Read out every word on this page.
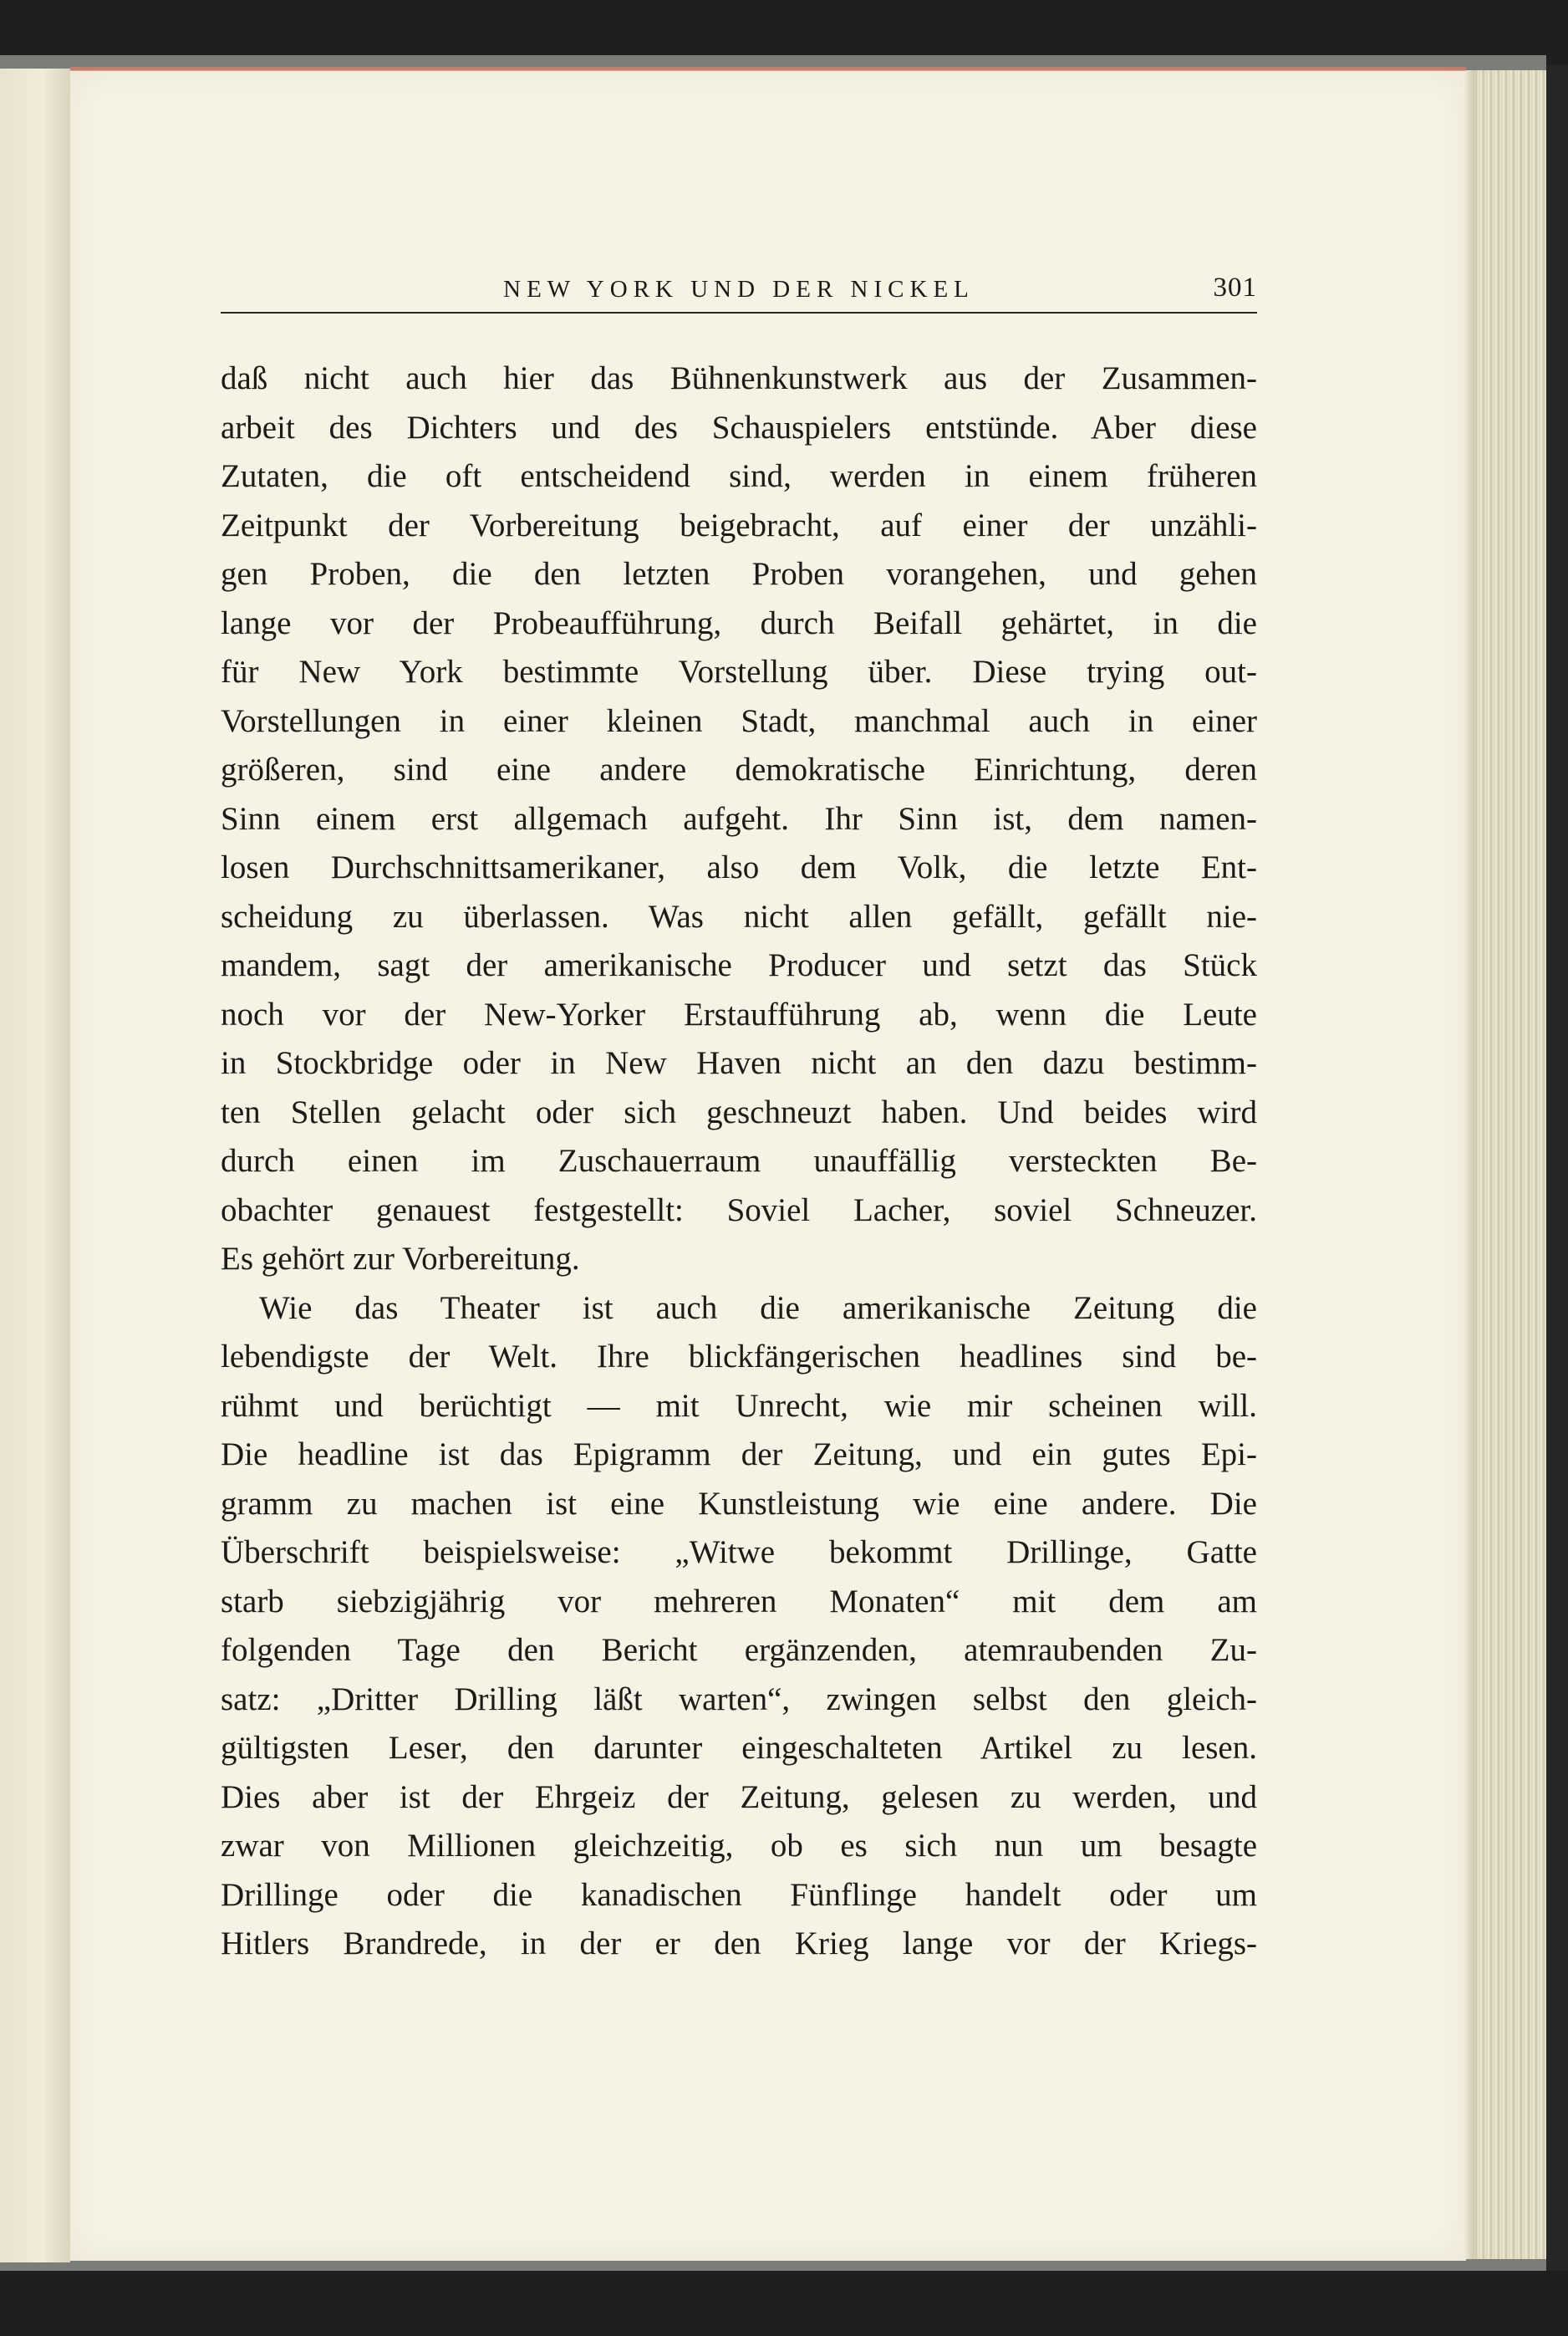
NEW YORK UND DER NICKEL	301
daß nicht auch hier das Bühnenkunstwerk aus der Zusammen-
arbeit des Dichters und des Schauspielers entstünde. Aber diese
Zutaten, die oft entscheidend sind, werden in einem früheren
Zeitpunkt der Vorbereitung beigebracht, auf einer der unzähli-
gen Proben, die den letzten Proben vorangehen, und gehen
lange vor der Probeaufführung, durch Beifall gehärtet, in die
für New York bestimmte Vorstellung über. Diese trying out-
Vorstellungen in einer kleinen Stadt, manchmal auch in einer
größeren, sind eine andere demokratische Einrichtung, deren
Sinn einem erst allgemach aufgeht. Ihr Sinn ist, dem namen-
losen Durchschnittsamerikaner, also dem Volk, die letzte Ent-
scheidung zu überlassen. Was nicht allen gefällt, gefällt nie-
mandem, sagt der amerikanische Producer und setzt das Stück
noch vor der New-Yorker Erstaufführung ab, wenn die Leute
in Stockbridge oder in New Haven nicht an den dazu bestimm-
ten Stellen gelacht oder sich geschneuzt haben. Und beides wird
durch einen im Zuschauerraum unauffällig versteckten Be-
obachter genauest festgestellt: Soviel Lacher, soviel Schneuzer.
Es gehört zur Vorbereitung.
Wie das Theater ist auch die amerikanische Zeitung die
lebendigste der Welt. Ihre blickfängerischen headlines sind be-
rühmt und berüchtigt — mit Unrecht, wie mir scheinen will.
Die headline ist das Epigramm der Zeitung, und ein gutes Epi-
gramm zu machen ist eine Kunstleistung wie eine andere. Die
Überschrift beispielsweise: „Witwe bekommt Drillinge, Gatte
starb siebzigjährig vor mehreren Monaten“ mit dem am
folgenden Tage den Bericht ergänzenden, atemraubenden Zu-
satz: „Dritter Drilling läßt warten“, zwingen selbst den gleich-
gültigsten Leser, den darunter eingeschalteten Artikel zu lesen.
Dies aber ist der Ehrgeiz der Zeitung, gelesen zu werden, und
zwar von Millionen gleichzeitig, ob es sich nun um besagte
Drillinge oder die kanadischen Fünflinge handelt oder um
Hitlers Brandrede, in der er den Krieg lange vor der Kriegs-
